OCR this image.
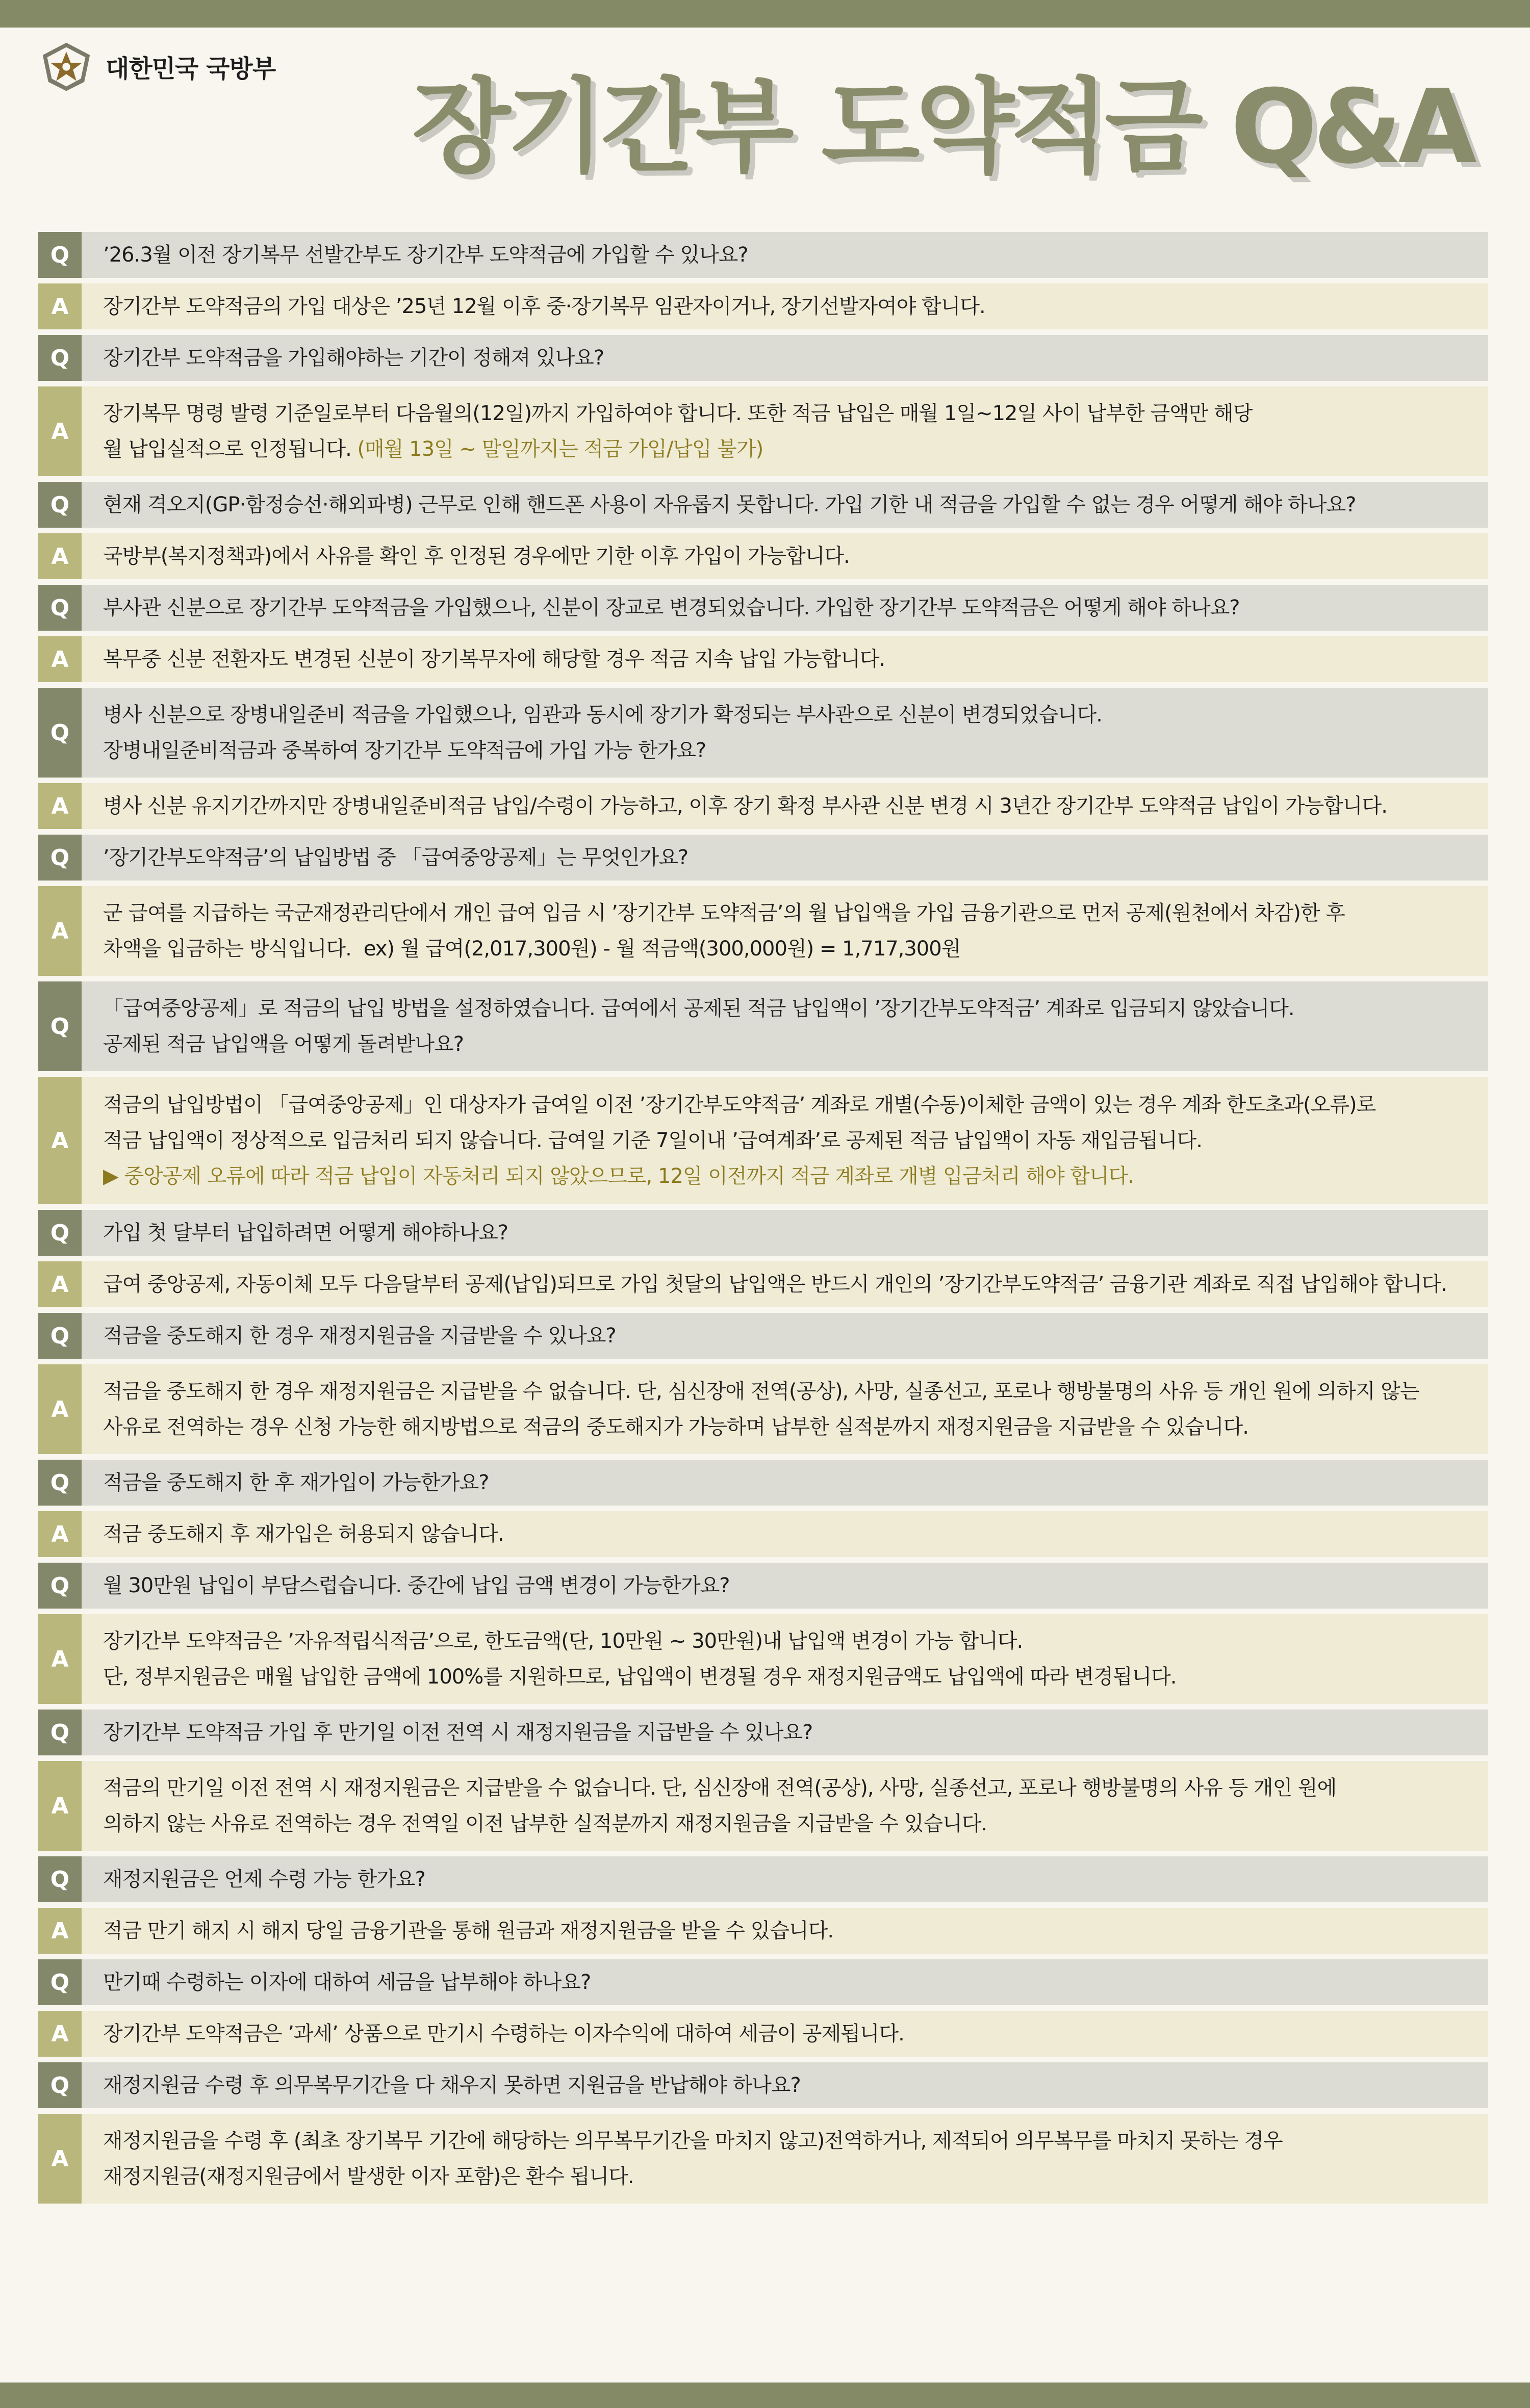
대한민국 국방부 장기간부 도약적금 Q&A
Q	’26.3월 이전 장기복무 선발간부도 장기간부 도약적금에 가입할 수 있나요?
A	장기간부 도약적금의 가입 대상은 ’25년 12월 이후 중·장기복무 임관자이거나, 장기선발자여야 합니다.
Q	장기간부 도약적금을 가입해야하는 기간이 정해져 있나요?
A
장기복무 명령 발령 기준일로부터 다음월의(12일)까지 가입하여야 합니다. 또한 적금 납입은 매월 1일~12일 사이 납부한 금액만 해당
월 납입실적으로 인정됩니다. (매월 13일 ~ 말일까지는 적금 가입/납입 불가)
Q	현재 격오지(GP·함정승선·해외파병) 근무로 인해 핸드폰 사용이 자유롭지 못합니다. 가입 기한 내 적금을 가입할 수 없는 경우 어떻게 해야 하나요?
A	국방부(복지정책과)에서 사유를 확인 후 인정된 경우에만 기한 이후 가입이 가능합니다.
Q	부사관 신분으로 장기간부 도약적금을 가입했으나, 신분이 장교로 변경되었습니다. 가입한 장기간부 도약적금은 어떻게 해야 하나요?
A	복무중 신분 전환자도 변경된 신분이 장기복무자에 해당할 경우 적금 지속 납입 가능합니다.
Q
병사 신분으로 장병내일준비 적금을 가입했으나, 임관과 동시에 장기가 확정되는 부사관으로 신분이 변경되었습니다.
장병내일준비적금과 중복하여 장기간부 도약적금에 가입 가능 한가요?
A	병사 신분 유지기간까지만 장병내일준비적금 납입/수령이 가능하고, 이후 장기 확정 부사관 신분 변경 시 3년간 장기간부 도약적금 납입이 가능합니다.
Q	’장기간부도약적금’의 납입방법 중 「급여중앙공제」는 무엇인가요?
A
군 급여를 지급하는 국군재정관리단에서 개인 급여 입금 시 ’장기간부 도약적금’의 월 납입액을 가입 금융기관으로 먼저 공제(원천에서 차감)한 후
차액을 입금하는 방식입니다. ex) 월 급여(2,017,300원) - 월 적금액(300,000원) = 1,717,300원
Q
「급여중앙공제」로 적금의 납입 방법을 설정하였습니다. 급여에서 공제된 적금 납입액이 ’장기간부도약적금’ 계좌로 입금되지 않았습니다.
공제된 적금 납입액을 어떻게 돌려받나요?
A
적금의 납입방법이 「급여중앙공제」인 대상자가 급여일 이전 ’장기간부도약적금’ 계좌로 개별(수동)이체한 금액이 있는 경우 계좌 한도초과(오류)로
적금 납입액이 정상적으로 입금처리 되지 않습니다. 급여일 기준 7일이내 ’급여계좌’로 공제된 적금 납입액이 자동 재입금됩니다.
▶ 중앙공제 오류에 따라 적금 납입이 자동처리 되지 않았으므로, 12일 이전까지 적금 계좌로 개별 입금처리 해야 합니다.
Q	가입 첫 달부터 납입하려면 어떻게 해야하나요?
A	급여 중앙공제, 자동이체 모두 다음달부터 공제(납입)되므로 가입 첫달의 납입액은 반드시 개인의 ’장기간부도약적금’ 금융기관 계좌로 직접 납입해야 합니다.
Q	적금을 중도해지 한 경우 재정지원금을 지급받을 수 있나요?
A
적금을 중도해지 한 경우 재정지원금은 지급받을 수 없습니다. 단, 심신장애 전역(공상), 사망, 실종선고, 포로나 행방불명의 사유 등 개인 원에 의하지 않는
사유로 전역하는 경우 신청 가능한 해지방법으로 적금의 중도해지가 가능하며 납부한 실적분까지 재정지원금을 지급받을 수 있습니다.
Q	적금을 중도해지 한 후 재가입이 가능한가요?
A	적금 중도해지 후 재가입은 허용되지 않습니다.
Q	월 30만원 납입이 부담스럽습니다. 중간에 납입 금액 변경이 가능한가요?
A
장기간부 도약적금은 ’자유적립식적금’으로, 한도금액(단, 10만원 ~ 30만원)내 납입액 변경이 가능 합니다.
단, 정부지원금은 매월 납입한 금액에 100%를 지원하므로, 납입액이 변경될 경우 재정지원금액도 납입액에 따라 변경됩니다.
Q	장기간부 도약적금 가입 후 만기일 이전 전역 시 재정지원금을 지급받을 수 있나요?
A
적금의 만기일 이전 전역 시 재정지원금은 지급받을 수 없습니다. 단, 심신장애 전역(공상), 사망, 실종선고, 포로나 행방불명의 사유 등 개인 원에
의하지 않는 사유로 전역하는 경우 전역일 이전 납부한 실적분까지 재정지원금을 지급받을 수 있습니다.
Q	재정지원금은 언제 수령 가능 한가요?
A	적금 만기 해지 시 해지 당일 금융기관을 통해 원금과 재정지원금을 받을 수 있습니다.
Q	만기때 수령하는 이자에 대하여 세금을 납부해야 하나요?
A	장기간부 도약적금은 ’과세’ 상품으로 만기시 수령하는 이자수익에 대하여 세금이 공제됩니다.
Q	재정지원금 수령 후 의무복무기간을 다 채우지 못하면 지원금을 반납해야 하나요?
A
재정지원금을 수령 후 (최초 장기복무 기간에 해당하는 의무복무기간을 마치지 않고)전역하거나, 제적되어 의무복무를 마치지 못하는 경우
재정지원금(재정지원금에서 발생한 이자 포함)은 환수 됩니다.
